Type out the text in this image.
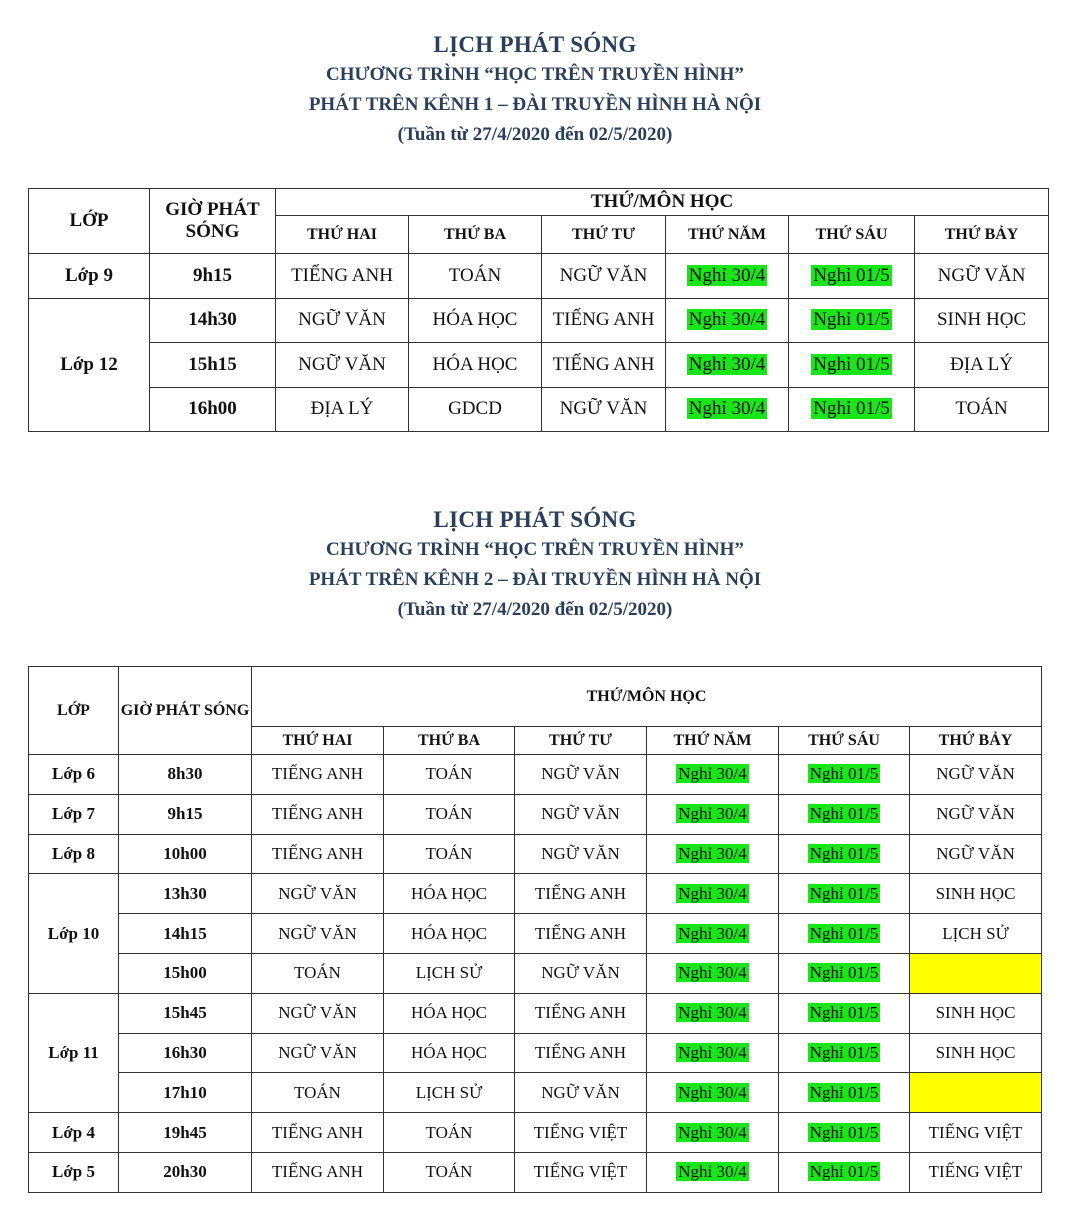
LỊCH PHÁT SÓNG
CHƯƠNG TRÌNH “HỌC TRÊN TRUYỀN HÌNH”
PHÁT TRÊN KÊNH 1 – ĐÀI TRUYỀN HÌNH HÀ NỘI
(Tuần từ 27/4/2020 đến 02/5/2020)
LỚP	GIỜ PHÁT SÓNG	THỨ/MÔN HỌC					
		THỨ HAI	THỨ BA	THỨ TƯ	THỨ NĂM	THỨ SÁU	THỨ BẢY
Lớp 9	9h15	TIẾNG ANH	TOÁN	NGỮ VĂN	Nghỉ 30/4	Nghỉ 01/5	NGỮ VĂN
Lớp 12	14h30	NGỮ VĂN	HÓA HỌC	TIẾNG ANH	Nghỉ 30/4	Nghỉ 01/5	SINH HỌC
	15h15	NGỮ VĂN	HÓA HỌC	TIẾNG ANH	Nghỉ 30/4	Nghỉ 01/5	ĐỊA LÝ
	16h00	ĐỊA LÝ	GDCD	NGỮ VĂN	Nghỉ 30/4	Nghỉ 01/5	TOÁN
LỊCH PHÁT SÓNG
CHƯƠNG TRÌNH “HỌC TRÊN TRUYỀN HÌNH”
PHÁT TRÊN KÊNH 2 – ĐÀI TRUYỀN HÌNH HÀ NỘI
(Tuần từ 27/4/2020 đến 02/5/2020)
LỚP	GIỜ PHÁT SÓNG	THỨ/MÔN HỌC					
		THỨ HAI	THỨ BA	THỨ TƯ	THỨ NĂM	THỨ SÁU	THỨ BẢY
Lớp 6	8h30	TIẾNG ANH	TOÁN	NGỮ VĂN	Nghỉ 30/4	Nghỉ 01/5	NGỮ VĂN
Lớp 7	9h15	TIẾNG ANH	TOÁN	NGỮ VĂN	Nghỉ 30/4	Nghỉ 01/5	NGỮ VĂN
Lớp 8	10h00	TIẾNG ANH	TOÁN	NGỮ VĂN	Nghỉ 30/4	Nghỉ 01/5	NGỮ VĂN
Lớp 10	13h30	NGỮ VĂN	HÓA HỌC	TIẾNG ANH	Nghỉ 30/4	Nghỉ 01/5	SINH HỌC
	14h15	NGỮ VĂN	HÓA HỌC	TIẾNG ANH	Nghỉ 30/4	Nghỉ 01/5	LỊCH SỬ
	15h00	TOÁN	LỊCH SỬ	NGỮ VĂN	Nghỉ 30/4	Nghỉ 01/5	
Lớp 11	15h45	NGỮ VĂN	HÓA HỌC	TIẾNG ANH	Nghỉ 30/4	Nghỉ 01/5	SINH HỌC
	16h30	NGỮ VĂN	HÓA HỌC	TIẾNG ANH	Nghỉ 30/4	Nghỉ 01/5	SINH HỌC
	17h10	TOÁN	LỊCH SỬ	NGỮ VĂN	Nghỉ 30/4	Nghỉ 01/5	
Lớp 4	19h45	TIẾNG ANH	TOÁN	TIẾNG VIỆT	Nghỉ 30/4	Nghỉ 01/5	TIẾNG VIỆT
Lớp 5	20h30	TIẾNG ANH	TOÁN	TIẾNG VIỆT	Nghỉ 30/4	Nghỉ 01/5	TIẾNG VIỆT
